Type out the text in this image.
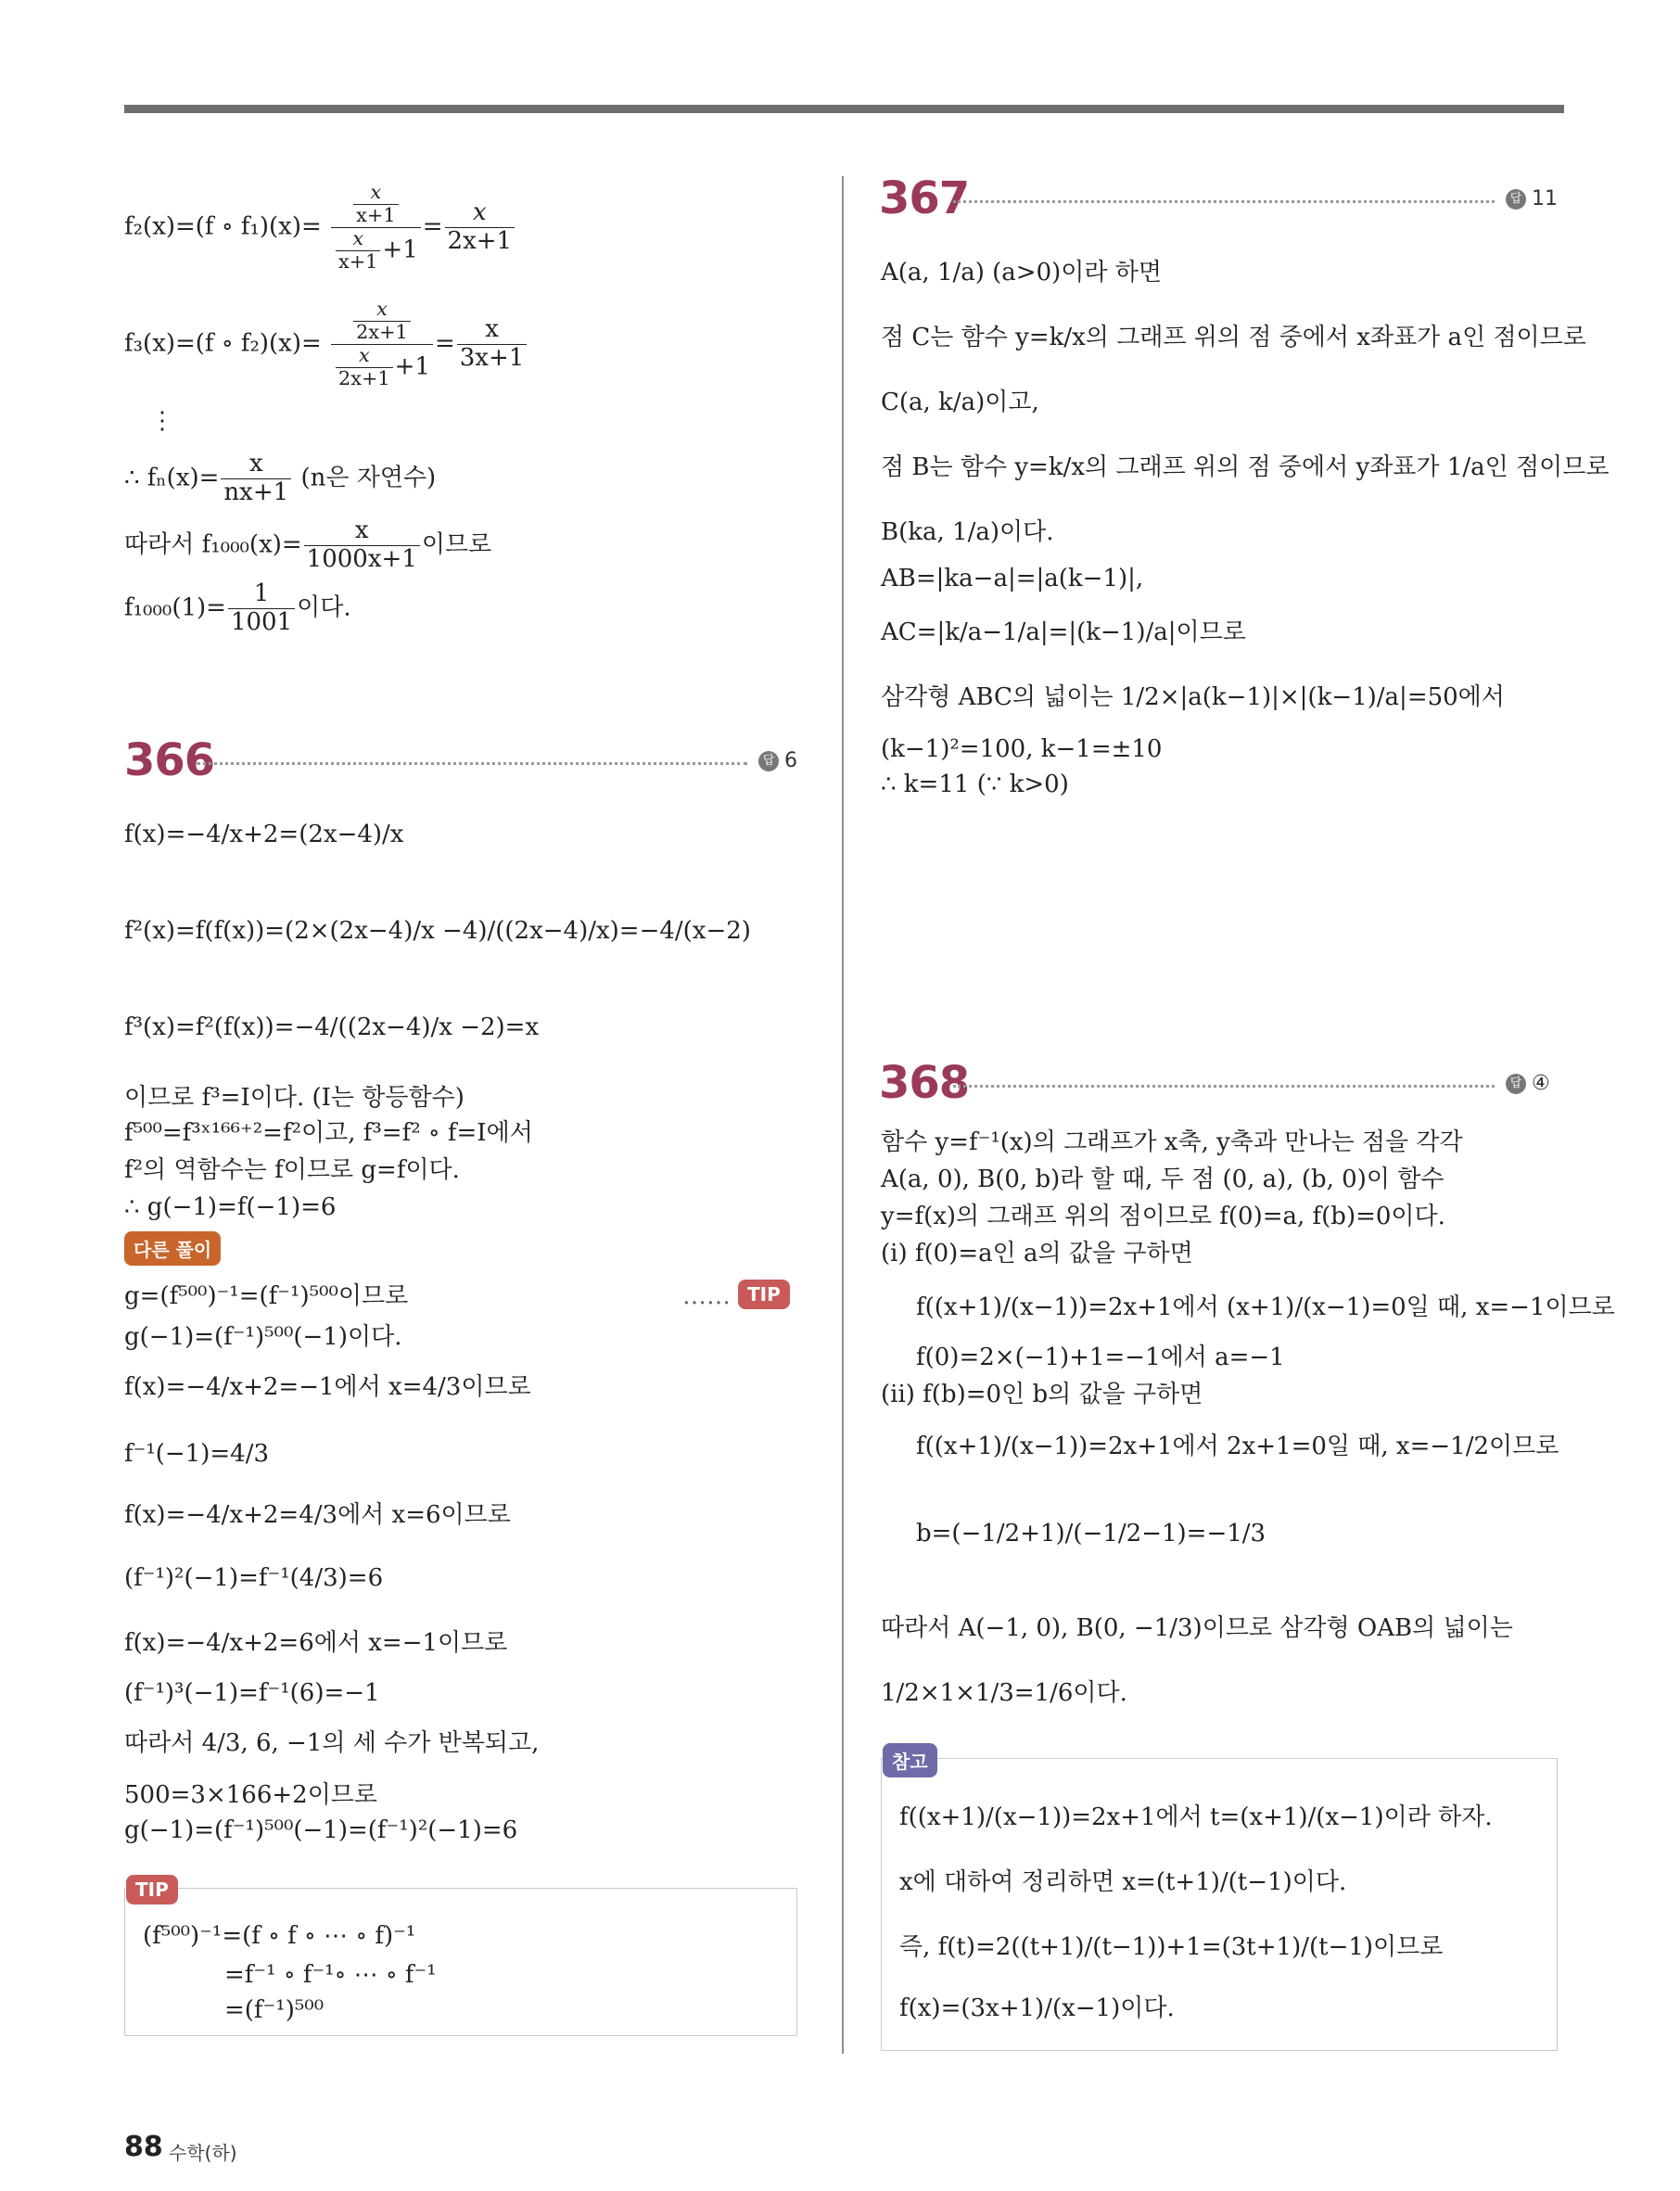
f₂(x)=(f ∘ $f_1)(x)= \frac{\frac{x}{x+1}}{\frac{x}{x+1} +1} = \frac{x}{2x+1}$
f₃(x)=(f ∘ $f_2)(x)= \frac{\frac{x}{2x+1}}{\frac{x}{2x+1} +1} = \frac{x}{3x+1}$
⋮
∴ $f_n(x)= \frac{x}{nx+1} (n$은 자연수)
따라서 $f_{1000}(x)= \frac{x}{1000x+1}$ 이므로
$f_{1000}(1)= \frac{1}{1001}$ 이다.
366	답 6
f(x)=−4/x+2=(2x−4)/x
f²(x)=f(f(x))=(2×(2x−4)/x −4)/((2x−4)/x)=−4/(x−2)
f³(x)=f²(f(x))=−4/((2x−4)/x −2)=x
이므로 f³=I이다. (I는 항등함수)
f⁵⁰⁰=f³ˣ¹⁶⁶⁺²=f²이고, f³=f² ∘ f=I에서
f²의 역함수는 f이므로 g=f이다.
∴ g(−1)=f(−1)=6
다른 풀이
g=(f⁵⁰⁰)⁻¹=(f⁻¹)⁵⁰⁰이므로	…… TIP
g(−1)=(f⁻¹)⁵⁰⁰(−1)이다.
f(x)=−4/x+2=−1에서 x=4/3이므로
f⁻¹(−1)=4/3
f(x)=−4/x+2=4/3에서 x=6이므로
(f⁻¹)²(−1)=f⁻¹(4/3)=6
f(x)=−4/x+2=6에서 x=−1이므로
(f⁻¹)³(−1)=f⁻¹(6)=−1
따라서 4/3, 6, −1의 세 수가 반복되고,
500=3×166+2이므로
g(−1)=(f⁻¹)⁵⁰⁰(−1)=(f⁻¹)²(−1)=6
TIP
(f⁵⁰⁰)⁻¹=(f ∘ f ∘ ⋯ ∘ f)⁻¹
=f⁻¹ ∘ f⁻¹∘ ⋯ ∘ f⁻¹
=(f⁻¹)⁵⁰⁰
367	답 11
A(a, 1/a) (a>0)이라 하면
점 C는 함수 y=k/x의 그래프 위의 점 중에서 x좌표가 a인 점이므로
C(a, k/a)이고,
점 B는 함수 y=k/x의 그래프 위의 점 중에서 y좌표가 1/a인 점이므로
B(ka, 1/a)이다.
AB=|ka−a|=|a(k−1)|,
AC=|k/a−1/a|=|(k−1)/a|이므로
삼각형 ABC의 넓이는 1/2×|a(k−1)|×|(k−1)/a|=50에서
(k−1)²=100, k−1=±10
∴ k=11 (∵ k>0)
368	답 ④
함수 y=f⁻¹(x)의 그래프가 x축, y축과 만나는 점을 각각
A(a, 0), B(0, b)라 할 때, 두 점 (0, a), (b, 0)이 함수
y=f(x)의 그래프 위의 점이므로 f(0)=a, f(b)=0이다.
(i) f(0)=a인 a의 값을 구하면
f((x+1)/(x−1))=2x+1에서 (x+1)/(x−1)=0일 때, x=−1이므로
f(0)=2×(−1)+1=−1에서 a=−1
(ii) f(b)=0인 b의 값을 구하면
f((x+1)/(x−1))=2x+1에서 2x+1=0일 때, x=−1/2이므로
b=(−1/2+1)/(−1/2−1)=−1/3
따라서 A(−1, 0), B(0, −1/3)이므로 삼각형 OAB의 넓이는
1/2×1×1/3=1/6이다.
참고
f((x+1)/(x−1))=2x+1에서 t=(x+1)/(x−1)이라 하자.
x에 대하여 정리하면 x=(t+1)/(t−1)이다.
즉, f(t)=2((t+1)/(t−1))+1=(3t+1)/(t−1)이므로
f(x)=(3x+1)/(x−1)이다.
88 수학(하)
